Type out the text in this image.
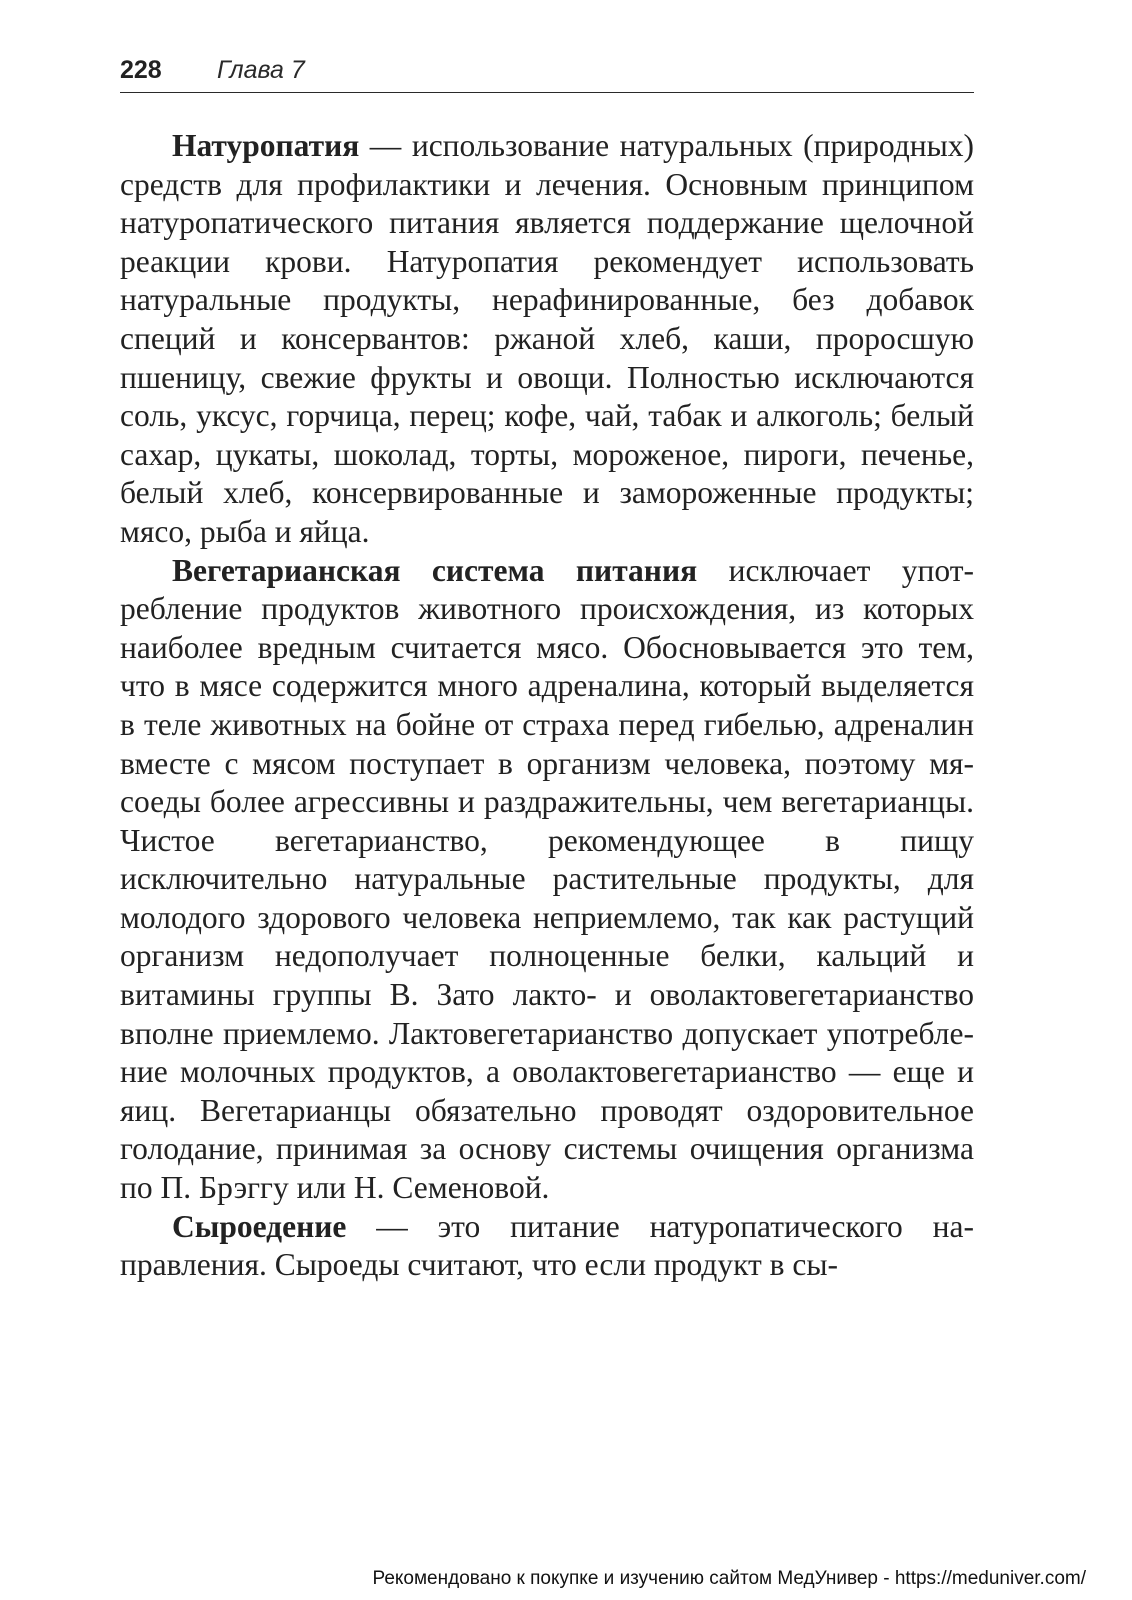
228 Глава 7

Натуропатия — использование натуральных (природных) средств для профилактики и лечения. Основным принципом натуропатического питания является поддержание щелочной реакции крови. Натуропатия рекомендует использовать натуральные продукты, нерафинированные, без добавок специй и консервантов: ржаной хлеб, каши, проросшую пшеницу, свежие фрукты и овощи. Полностью исключаются соль, уксус, горчица, перец; кофе, чай, табак и алкоголь; белый сахар, цукаты, шоколад, торты, мороженое, пироги, печенье, белый хлеб, консервированные и замороженные продукты; мясо, рыба и яйца.

Вегетарианская система питания исключает употребление продуктов животного происхождения, из которых наиболее вредным считается мясо. Обосновывается это тем, что в мясе содержится много адреналина, который выделяется в теле животных на бойне от страха перед гибелью, адреналин вместе с мясом поступает в организм человека, поэтому мясоеды более агрессивны и раздражительны, чем вегетарианцы. Чистое вегетарианство, рекомендующее в пищу исключительно натуральные растительные продукты, для молодого здорового человека неприемлемо, так как растущий организм недополучает полноценные белки, кальций и витамины группы В. Зато лакто- и оволактовегетарианство вполне приемлемо. Лактовегетарианство допускает употребление молочных продуктов, а оволактовегетарианство — еще и яиц. Вегетарианцы обязательно проводят оздоровительное голодание, принимая за основу системы очищения организма по П. Брэггу или Н. Семеновой.

Сыроедение — это питание натуропатического направления. Сыроеды считают, что если продукт в сы-

Рекомендовано к покупке и изучению сайтом МедУнивер - https://meduniver.com/
